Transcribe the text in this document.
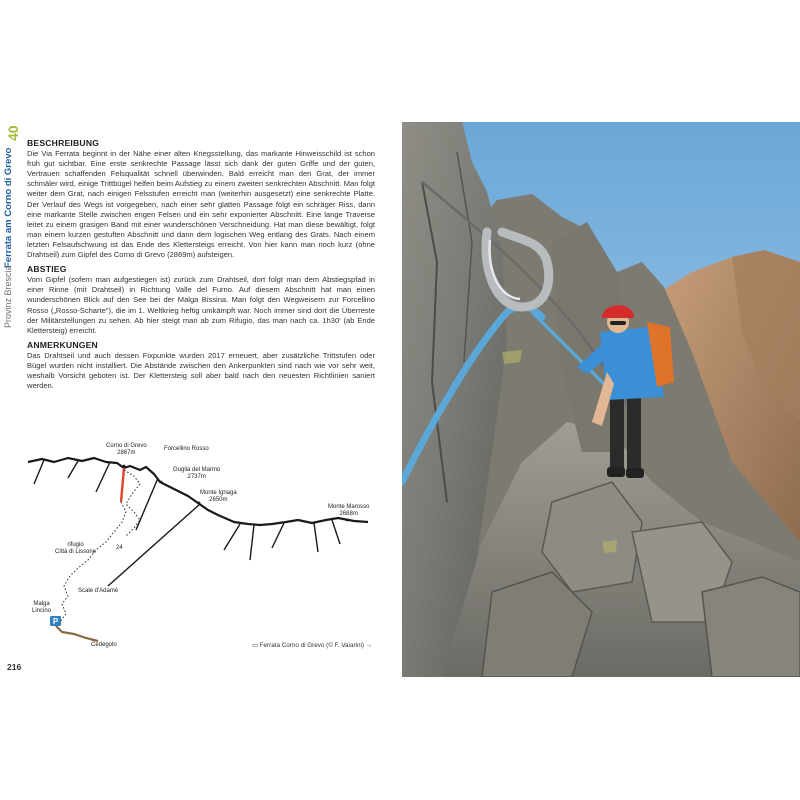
40
Ferrata am Corno di Grevo
Provinz Brescia
BESCHREIBUNG

Die Via Ferrata beginnt in der Nähe einer alten Kriegsstellung, das markante Hinweisschild ist schon früh gut sichtbar. Eine erste senkrechte Passage lässt sich dank der guten Griffe und der guten, Vertrauen schaffenden Felsqualität schnell überwinden. Bald erreicht man den Grat, der immer schmäler wird, einige Trittbügel helfen beim Aufstieg zu einem zweiten senkrechten Abschnitt. Man folgt weiter dem Grat, nach einigen Felsstufen erreicht man (weiterhin ausgesetzt) eine senkrechte Platte. Der Verlauf des Wegs ist vorgegeben, nach einer sehr glatten Passage folgt ein schräger Riss, dann eine markante Stelle zwischen engen Felsen und ein sehr exponierter Abschnitt. Eine lange Traverse leitet zu einem grasigen Band mit einer wunderschönen Verschneidung. Hat man diese bewältigt, folgt man einem kurzen gestuften Abschnitt und dann dem logischen Weg entlang des Grats. Nach einem letzten Felsaufschwung ist das Ende des Klettersteigs erreicht. Von hier kann man noch kurz (ohne Drahtseil) zum Gipfel des Corno di Grevo (2869m) aufsteigen.

ABSTIEG

Vom Gipfel (sofern man aufgestiegen ist) zurück zum Drahtseil, dort folgt man dem Abstiegspfad in einer Rinne (mit Drahtseil) in Richtung Valle del Furno. Auf diesem Abschnitt hat man einen wunderschönen Blick auf den See bei der Malga Bissina. Man folgt den Wegweisern zur Forcellino Rosso („Rosso-Scharte"), die im 1. Weltkrieg heftig umkämpft war. Noch immer sind dort die Überreste der Militärstellungen zu sehen. Ab hier steigt man ab zum Rifugio, das man nach ca. 1h30' (ab Ende Klettersteig) erreicht.

ANMERKUNGEN

Das Drahtseil und auch dessen Fixpunkte wurden 2017 erneuert, aber zusätzliche Trittstufen oder Bügel wurden nicht installiert. Die Abstände zwischen den Ankerpunkten sind nach wie vor sehr weit, weshalb Vorsicht geboten ist. Der Klettersteig soll aber bald nach den neuesten Richtlinien saniert werden.

P
Corno di Grevo
2867m
Forcellino Rosso
Guglia del Marmo
2737m
Monte Ignaga
2650m
Monte Marosso
2688m
rifugio
Città di Lissone
24
Scale d'Adamè
Malga
Lincino
Cedegolo	▭ Ferrata Corno di Grevo (© F. Vaiarini) →
216
